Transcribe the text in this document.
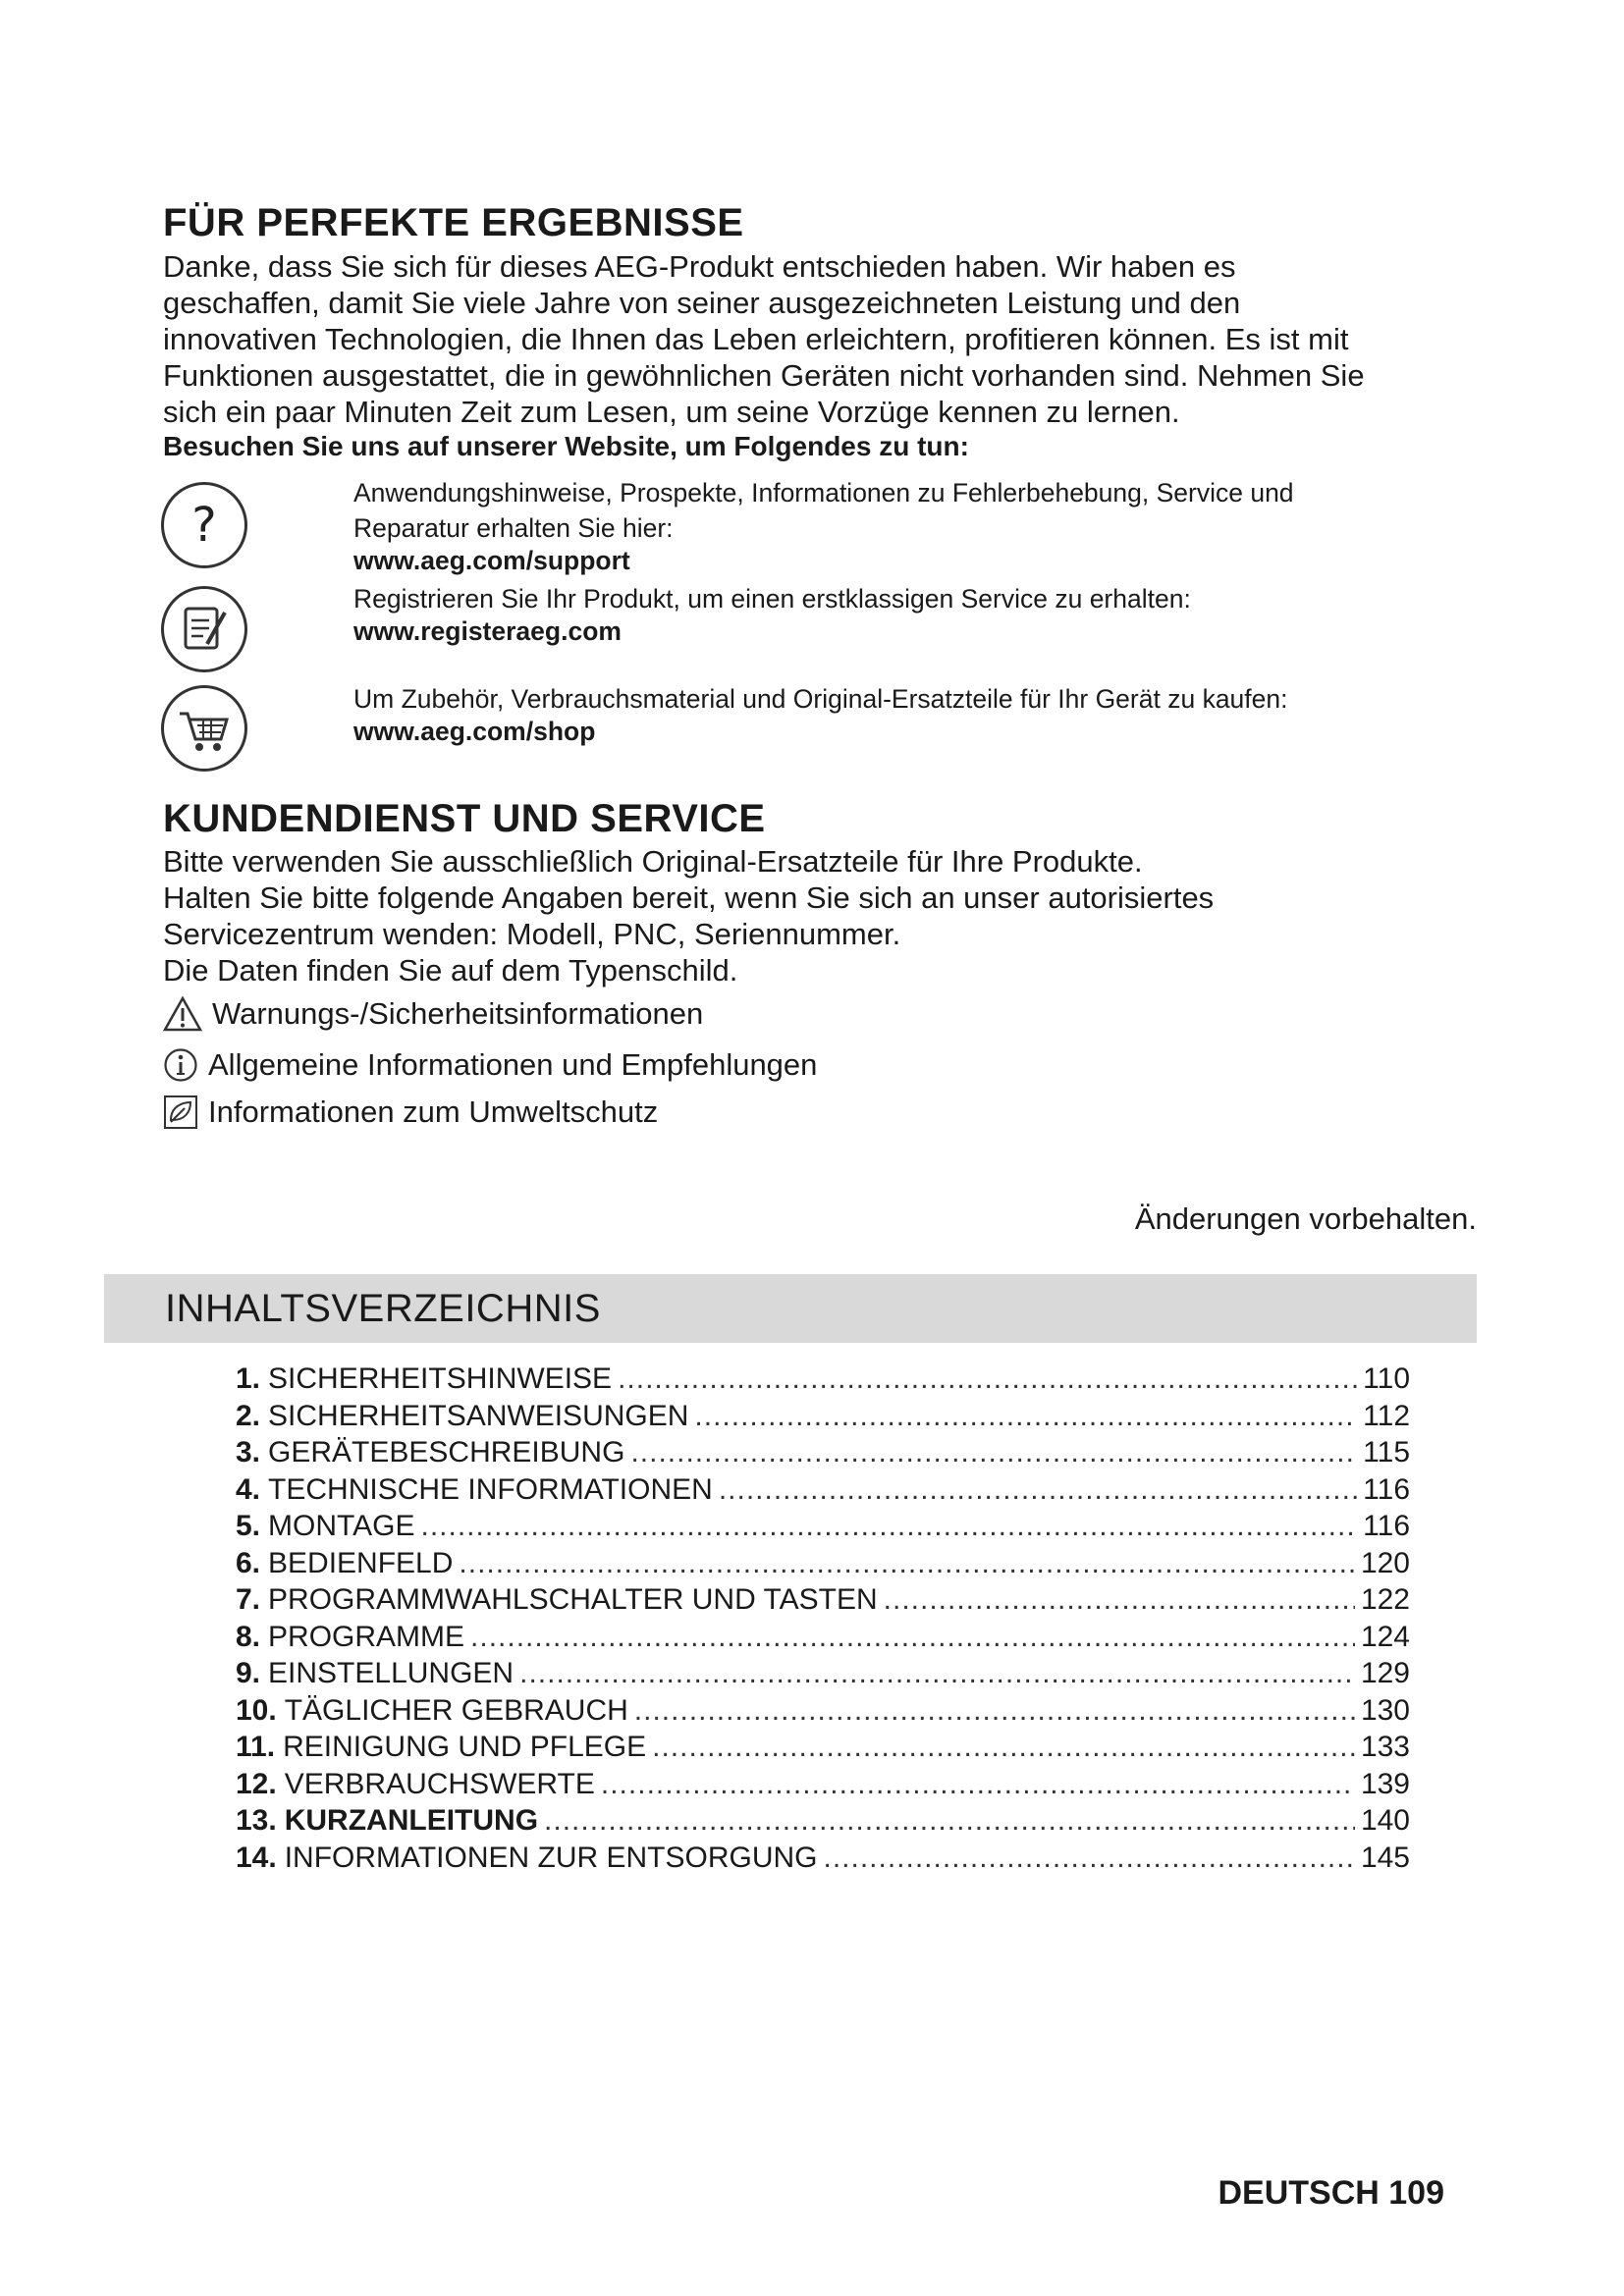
FÜR PERFEKTE ERGEBNISSE
Danke, dass Sie sich für dieses AEG-Produkt entschieden haben. Wir haben es
geschaffen, damit Sie viele Jahre von seiner ausgezeichneten Leistung und den
innovativen Technologien, die Ihnen das Leben erleichtern, profitieren können. Es ist mit
Funktionen ausgestattet, die in gewöhnlichen Geräten nicht vorhanden sind. Nehmen Sie
sich ein paar Minuten Zeit zum Lesen, um seine Vorzüge kennen zu lernen.
Besuchen Sie uns auf unserer Website, um Folgendes zu tun:
?
Anwendungshinweise, Prospekte, Informationen zu Fehlerbehebung, Service und
Reparatur erhalten Sie hier:
www.aeg.com/support
Registrieren Sie Ihr Produkt, um einen erstklassigen Service zu erhalten:
www.registeraeg.com
Um Zubehör, Verbrauchsmaterial und Original-Ersatzteile für Ihr Gerät zu kaufen:
www.aeg.com/shop
KUNDENDIENST UND SERVICE
Bitte verwenden Sie ausschließlich Original-Ersatzteile für Ihre Produkte.
Halten Sie bitte folgende Angaben bereit, wenn Sie sich an unser autorisiertes
Servicezentrum wenden: Modell, PNC, Seriennummer.
Die Daten finden Sie auf dem Typenschild.
Warnungs-/Sicherheitsinformationen
Allgemeine Informationen und Empfehlungen
Informationen zum Umweltschutz
Änderungen vorbehalten.
INHALTSVERZEICHNIS
1. SICHERHEITSHINWEISE .....	110
2. SICHERHEITSANWEISUNGEN .....	112
3. GERÄTEBESCHREIBUNG .....	115
4. TECHNISCHE INFORMATIONEN .....	116
5. MONTAGE .....	116
6. BEDIENFELD .....	120
7. PROGRAMMWAHLSCHALTER UND TASTEN .....	122
8. PROGRAMME .....	124
9. EINSTELLUNGEN .....	129
10. TÄGLICHER GEBRAUCH .....	130
11. REINIGUNG UND PFLEGE .....	133
12. VERBRAUCHSWERTE .....	139
13. KURZANLEITUNG .....	140
14. INFORMATIONEN ZUR ENTSORGUNG .....	145
DEUTSCH 109
